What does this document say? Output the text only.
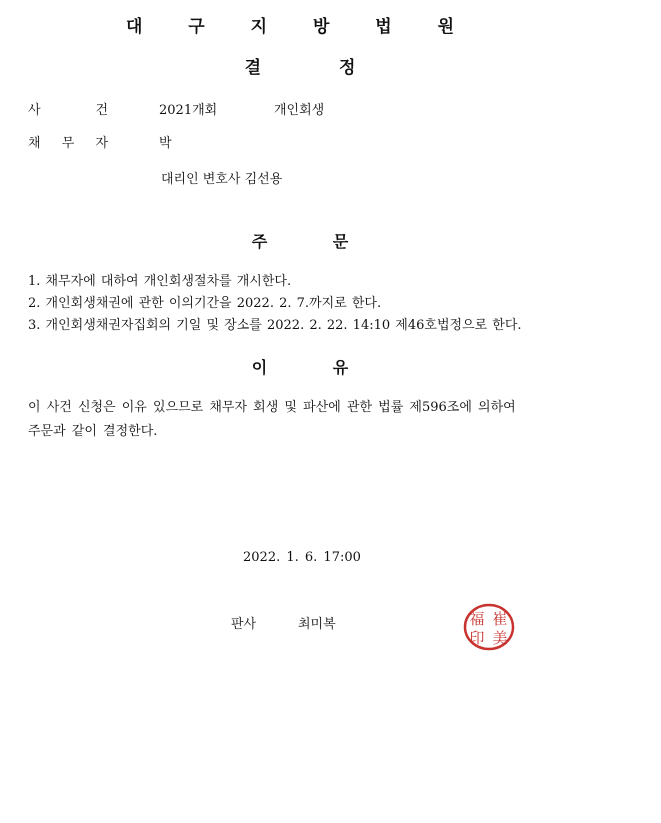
대 구 지 방 법 원
결 정
사	건	2021개회	개인회생
채 무 자	박
대리인 변호사 김선용
주 문
1. 채무자에 대하여 개인회생절차를 개시한다.
2. 개인회생채권에 관한 이의기간을 2022. 2. 7.까지로 한다.
3. 개인회생채권자집회의 기일 및 장소를 2022. 2. 22. 14:10 제46호법정으로 한다.
이 유
이 사건 신청은 이유 있으므로 채무자 회생 및 파산에 관한 법률 제596조에 의하여
주문과 같이 결정한다.
2022. 1. 6. 17:00
판사	최미복	福 崔
印 美
